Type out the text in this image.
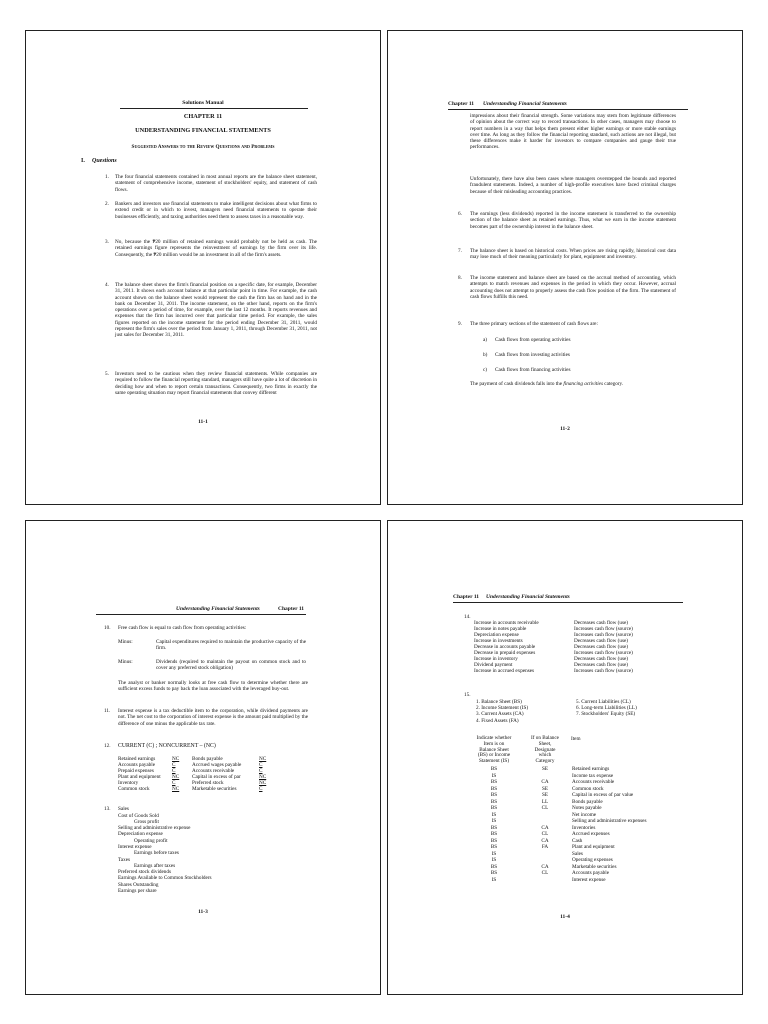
Solutions Manual
CHAPTER 11
UNDERSTANDING FINANCIAL STATEMENTS
Suggested Answers to the Review Questions and Problems
I. Questions
1. The four financial statements contained in most annual reports are the balance sheet statement, statement of comprehensive income, statement of stockholders' equity, and statement of cash flows.
2. Bankers and investors use financial statements to make intelligent decisions about what firms to extend credit or in which to invest, managers need financial statements to operate their businesses efficiently, and taxing authorities need them to assess taxes in a reasonable way.
3. No, because the ₱20 million of retained earnings would probably not be held as cash. The retained earnings figure represents the reinvestment of earnings by the firm over its life. Consequently, the ₱20 million would be an investment in all of the firm's assets.
4. The balance sheet shows the firm's financial position on a specific date, for example, December 31, 2011. It shows each account balance at that particular point in time. For example, the cash account shown on the balance sheet would represent the cash the firm has on hand and in the bank on December 31, 2011. The income statement, on the other hand, reports on the firm's operations over a period of time, for example, over the last 12 months. It reports revenues and expenses that the firm has incurred over that particular time period. For example, the sales figures reported on the income statement for the period ending December 31, 2011, would represent the firm's sales over the period from January 1, 2011, through December 31, 2011, not just sales for December 31, 2011.
5. Investors need to be cautious when they review financial statements. While companies are required to follow the financial reporting standard, managers still have quite a lot of discretion in deciding how and when to report certain transactions. Consequently, two firms in exactly the same operating situation may report financial statements that convey different
11-1
Chapter 11 Understanding Financial Statements
impressions about their financial strength. Some variations may stem from legitimate differences of opinion about the correct way to record transactions. In other cases, managers may choose to report numbers in a way that helps them present either higher earnings or more stable earnings over time. As long as they follow the financial reporting standard, such actions are not illegal, but these differences make it harder for investors to compare companies and gauge their true performances.
Unfortunately, there have also been cases where managers overstepped the bounds and reported fraudulent statements. Indeed, a number of high-profile executives have faced criminal charges because of their misleading accounting practices.
6. The earnings (less dividends) reported in the income statement is transferred to the ownership section of the balance sheet as retained earnings. Thus, what we earn in the income statement becomes part of the ownership interest in the balance sheet.
7. The balance sheet is based on historical costs. When prices are rising rapidly, historical cost data may lose much of their meaning particularly for plant, equipment and inventory.
8. The income statement and balance sheet are based on the accrual method of accounting, which attempts to match revenues and expenses in the period in which they occur. However, accrual accounting does not attempt to properly assess the cash flow position of the firm. The statement of cash flows fulfills this need.
9. The three primary sections of the statement of cash flows are:
a) Cash flows from operating activities
b) Cash flows from investing activities
c) Cash flows from financing activities
The payment of cash dividends falls into the financing activities category.
11-2
Understanding Financial Statements	Chapter 11
10. Free cash flow is equal to cash flow from operating activities:
Minus:	Capital expenditures required to maintain the productive capacity of the firm.
Minus:	Dividends (required to maintain the payout on common stock and to cover any preferred stock obligation)
The analyst or banker normally looks at free cash flow to determine whether there are sufficient excess funds to pay back the loan associated with the leveraged buy-out.
11. Interest expense is a tax deductible item to the corporation, while dividend payments are not. The net cost to the corporation of interest expense is the amount paid multiplied by the difference of one minus the applicable tax rate.
12. CURRENT (C) ; NONCURRENT – (NC)
Retained earnings	NC	Bonds payable	NC
Accounts payable	C	Accrued wages payable	C
Prepaid expenses	C	Accounts receivable	C
Plant and equipment	NC	Capital in excess of par	NC
Inventory	C	Preferred stock	NC
Common stock	NC	Marketable securities	C
13. Sales
Cost of Goods Sold
Gross profit
Selling and administrative expense
Depreciation expense
Operating profit
Interest expense
Earnings before taxes
Taxes
Earnings after taxes
Preferred stock dividends
Earnings Available to Common Stockholders
Shares Outstanding
Earnings per share
11-3
Chapter 11 Understanding Financial Statements
14.
Increase in accounts receivable	Decreases cash flow (use)
Increase in notes payable	Increases cash flow (source)
Depreciation expense	Increases cash flow (source)
Increase in investments	Decreases cash flow (use)
Decrease in accounts payable	Decreases cash flow (use)
Decrease in prepaid expenses	Increases cash flow (source)
Increase in inventory	Decreases cash flow (use)
Dividend payment	Decreases cash flow (use)
Increase in accrued expenses	Increases cash flow (source)
15.
1. Balance Sheet (BS)
2. Income Statement (IS)
3. Current Assets (CA)
4. Fixed Assets (FA)
5. Current Liabilities (CL)
6. Long-term Liabilities (LL)
7. Stockholders' Equity (SE)
Indicate whether
Item is on
Balance Sheet
(BS) or Income
Statement (IS)
If on Balance
Sheet,
Designate
which
Category
Item
BS	SE	Retained earnings
IS		Income tax expense
BS	CA	Accounts receivable
BS	SE	Common stock
BS	SE	Capital in excess of par value
BS	LL	Bonds payable
BS	CL	Notes payable
IS		Net income
IS		Selling and administrative expenses
BS	CA	Inventories
BS	CL	Accrued expenses
BS	CA	Cash
BS	FA	Plant and equipment
IS		Sales
IS		Operating expenses
BS	CA	Marketable securities
BS	CL	Accounts payable
IS		Interest expense
11-4
